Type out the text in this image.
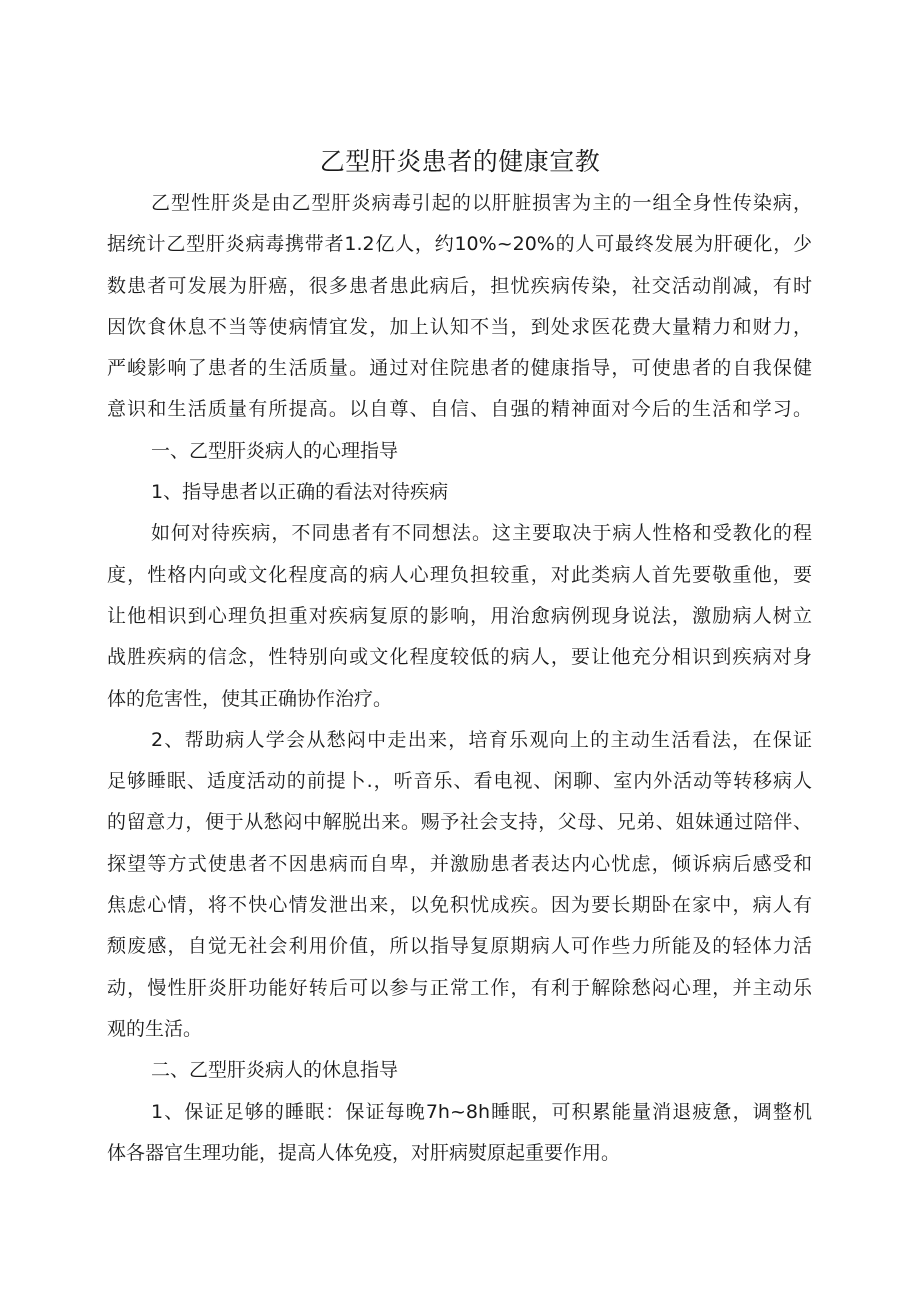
乙型肝炎患者的健康宣教
乙型性肝炎是由乙型肝炎病毒引起的以肝脏损害为主的一组全身性传染病，
据统计乙型肝炎病毒携带者1.2亿人，约10%~20%的人可最终发展为肝硬化，少
数患者可发展为肝癌，很多患者患此病后，担忧疾病传染，社交活动削减，有时
因饮食休息不当等使病情宜发，加上认知不当，到处求医花费大量精力和财力，
严峻影响了患者的生活质量。通过对住院患者的健康指导，可使患者的自我保健
意识和生活质量有所提高。以自尊、自信、自强的精神面对今后的生活和学习。
一、乙型肝炎病人的心理指导
1、指导患者以正确的看法对待疾病
如何对待疾病，不同患者有不同想法。这主要取决于病人性格和受教化的程
度，性格内向或文化程度高的病人心理负担较重，对此类病人首先要敬重他，要
让他相识到心理负担重对疾病复原的影响，用治愈病例现身说法，激励病人树立
战胜疾病的信念，性特别向或文化程度较低的病人，要让他充分相识到疾病对身
体的危害性，使其正确协作治疗。
2、帮助病人学会从愁闷中走出来，培育乐观向上的主动生活看法，在保证
足够睡眠、适度活动的前提卜.，听音乐、看电视、闲聊、室内外活动等转移病人
的留意力，便于从愁闷中解脱出来。赐予社会支持，父母、兄弟、姐妹通过陪伴、
探望等方式使患者不因患病而自卑，并激励患者表达内心忧虑，倾诉病后感受和
焦虑心情，将不快心情发泄出来，以免积忧成疾。因为要长期卧在家中，病人有
颓废感，自觉无社会利用价值，所以指导复原期病人可作些力所能及的轻体力活
动，慢性肝炎肝功能好转后可以参与正常工作，有利于解除愁闷心理，并主动乐
观的生活。
二、乙型肝炎病人的休息指导
1、保证足够的睡眠：保证每晚7h~8h睡眠，可积累能量消退疲惫，调整机
体各器官生理功能，提高人体免疫，对肝病熨原起重要作用。
